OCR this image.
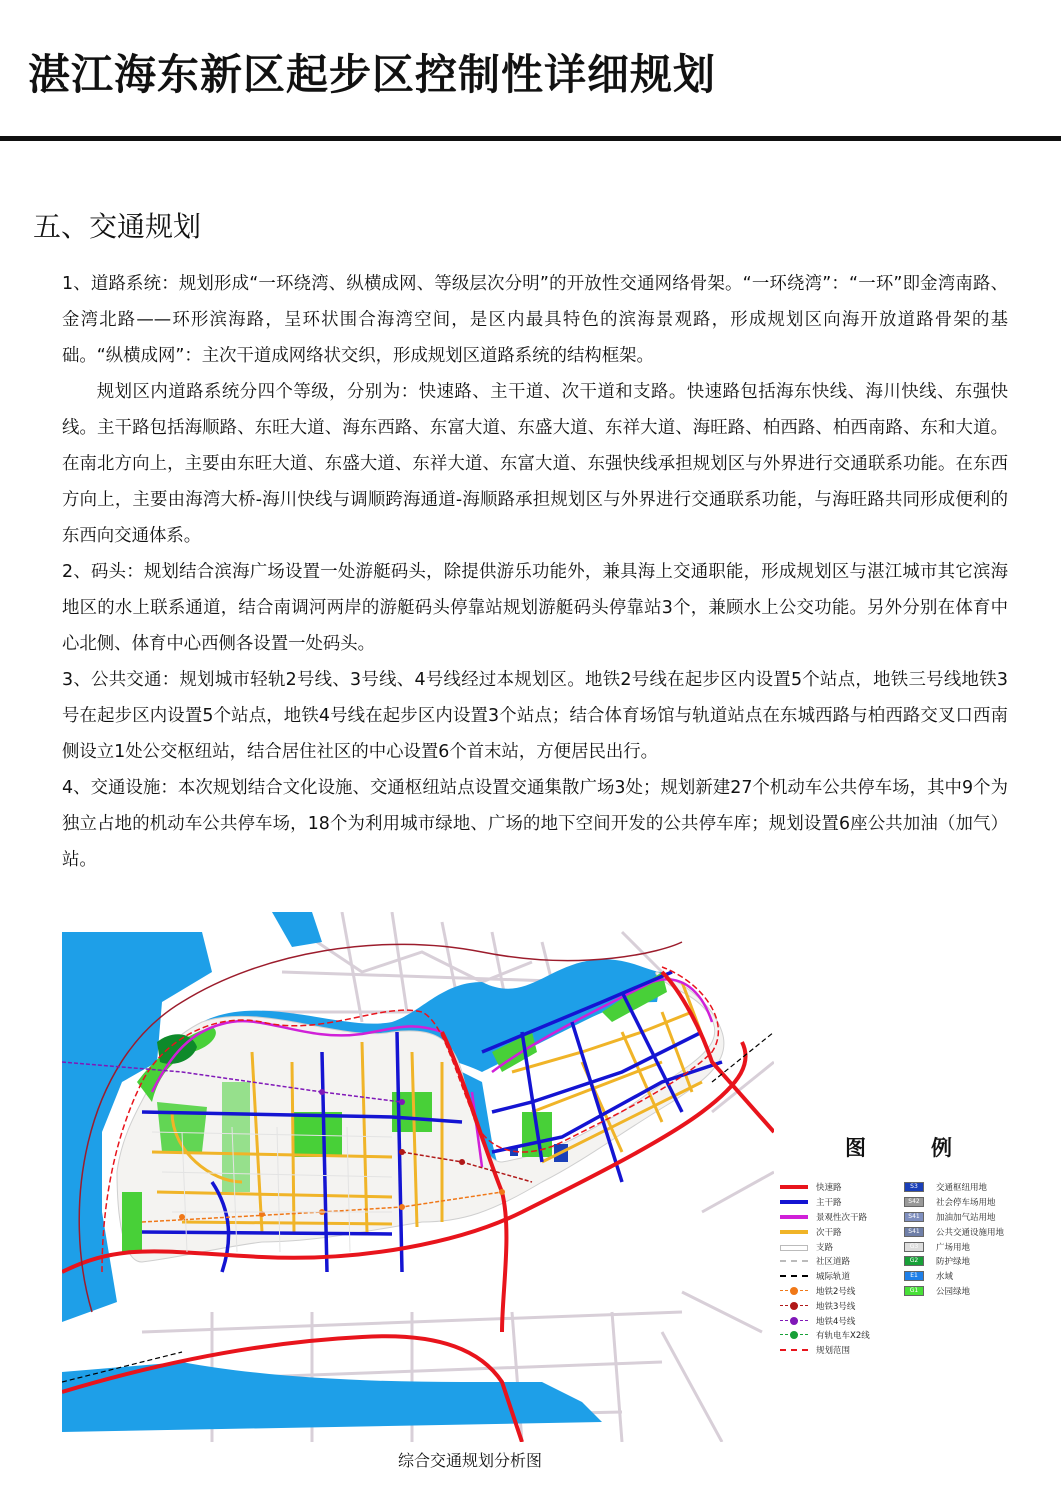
湛江海东新区起步区控制性详细规划
五、交通规划

1、道路系统：规划形成“一环绕湾、纵横成网、等级层次分明”的开放性交通网络骨架。“一环绕湾”：“一环”即金湾南路、金湾北路——环形滨海路，呈环状围合海湾空间，是区内最具特色的滨海景观路，形成规划区向海开放道路骨架的基础。“纵横成网”：主次干道成网络状交织，形成规划区道路系统的结构框架。

规划区内道路系统分四个等级，分别为：快速路、主干道、次干道和支路。快速路包括海东快线、海川快线、东强快线。主干路包括海顺路、东旺大道、海东西路、东富大道、东盛大道、东祥大道、海旺路、柏西路、柏西南路、东和大道。在南北方向上，主要由东旺大道、东盛大道、东祥大道、东富大道、东强快线承担规划区与外界进行交通联系功能。在东西方向上，主要由海湾大桥-海川快线与调顺跨海通道-海顺路承担规划区与外界进行交通联系功能，与海旺路共同形成便利的东西向交通体系。

2、码头：规划结合滨海广场设置一处游艇码头，除提供游乐功能外，兼具海上交通职能，形成规划区与湛江城市其它滨海地区的水上联系通道，结合南调河两岸的游艇码头停靠站规划游艇码头停靠站3个，兼顾水上公交功能。另外分别在体育中心北侧、体育中心西侧各设置一处码头。

3、公共交通：规划城市轻轨2号线、3号线、4号线经过本规划区。地铁2号线在起步区内设置5个站点，地铁三号线地铁3号在起步区内设置5个站点，地铁4号线在起步区内设置3个站点；结合体育场馆与轨道站点在东城西路与柏西路交叉口西南侧设立1处公交枢纽站，结合居住社区的中心设置6个首末站，方便居民出行。

4、交通设施：本次规划结合文化设施、交通枢纽站点设置交通集散广场3处；规划新建27个机动车公共停车场，其中9个为独立占地的机动车公共停车场，18个为利用城市绿地、广场的地下空间开发的公共停车库；规划设置6座公共加油（加气）站。

图　例
快速路
主干路
景观性次干路
次干路
支路
社区道路
城际轨道
地铁2号线
地铁3号线
地铁4号线
有轨电车X2线
规划范围
S3	交通枢纽用地
S42	社会停车场用地
S41	加油加气站用地
S41	公共交通设施用地
G3	广场用地
G2	防护绿地
E1	水域
G1	公园绿地

综合交通规划分析图
